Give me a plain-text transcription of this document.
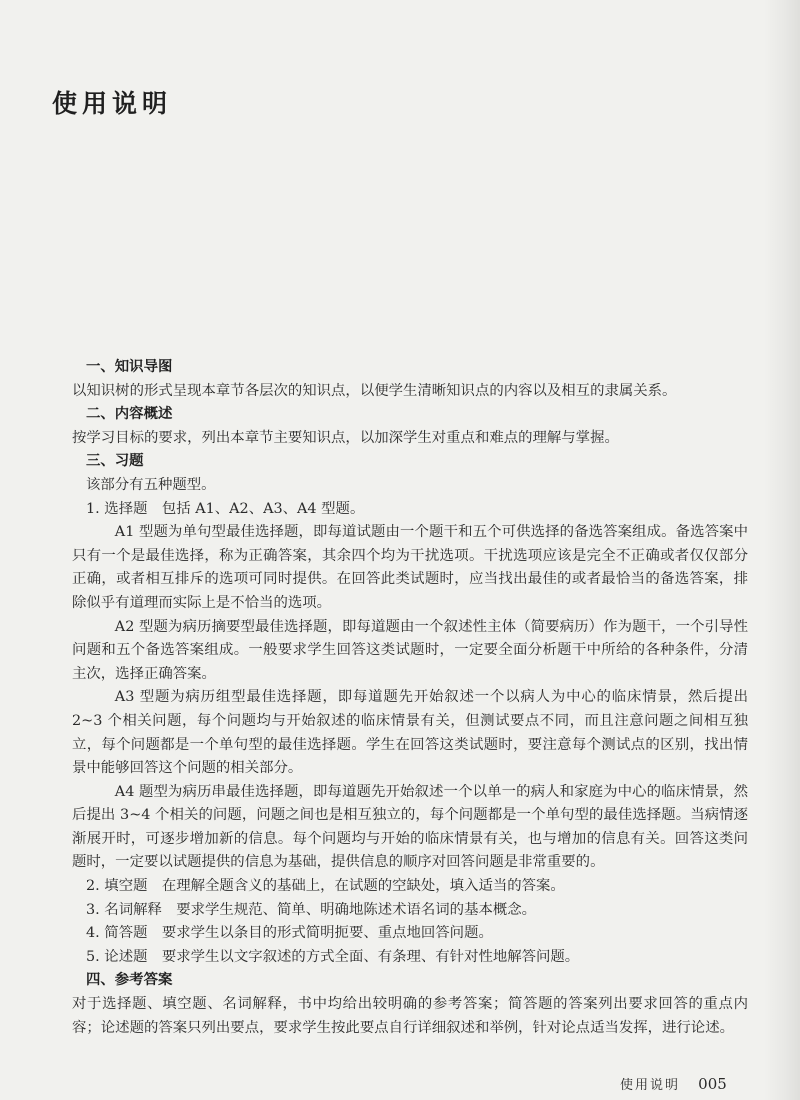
使用说明

一、知识导图

以知识树的形式呈现本章节各层次的知识点，以便学生清晰知识点的内容以及相互的隶属关系。

二、内容概述

按学习目标的要求，列出本章节主要知识点，以加深学生对重点和难点的理解与掌握。

三、习题

该部分有五种题型。

1. 选择题　包括 A1、A2、A3、A4 型题。

A1 型题为单句型最佳选择题，即每道试题由一个题干和五个可供选择的备选答案组成。备选答案中只有一个是最佳选择，称为正确答案，其余四个均为干扰选项。干扰选项应该是完全不正确或者仅仅部分正确，或者相互排斥的选项可同时提供。在回答此类试题时，应当找出最佳的或者最恰当的备选答案，排除似乎有道理而实际上是不恰当的选项。

A2 型题为病历摘要型最佳选择题，即每道题由一个叙述性主体（简要病历）作为题干，一个引导性问题和五个备选答案组成。一般要求学生回答这类试题时，一定要全面分析题干中所给的各种条件，分清主次，选择正确答案。

A3 型题为病历组型最佳选择题，即每道题先开始叙述一个以病人为中心的临床情景，然后提出 2~3 个相关问题，每个问题均与开始叙述的临床情景有关，但测试要点不同，而且注意问题之间相互独立，每个问题都是一个单句型的最佳选择题。学生在回答这类试题时，要注意每个测试点的区别，找出情景中能够回答这个问题的相关部分。

A4 题型为病历串最佳选择题，即每道题先开始叙述一个以单一的病人和家庭为中心的临床情景，然后提出 3~4 个相关的问题，问题之间也是相互独立的，每个问题都是一个单句型的最佳选择题。当病情逐渐展开时，可逐步增加新的信息。每个问题均与开始的临床情景有关，也与增加的信息有关。回答这类问题时，一定要以试题提供的信息为基础，提供信息的顺序对回答问题是非常重要的。

2. 填空题　在理解全题含义的基础上，在试题的空缺处，填入适当的答案。

3. 名词解释　要求学生规范、简单、明确地陈述术语名词的基本概念。

4. 简答题　要求学生以条目的形式简明扼要、重点地回答问题。

5. 论述题　要求学生以文字叙述的方式全面、有条理、有针对性地解答问题。

四、参考答案

对于选择题、填空题、名词解释，书中均给出较明确的参考答案；简答题的答案列出要求回答的重点内容；论述题的答案只列出要点，要求学生按此要点自行详细叙述和举例，针对论点适当发挥，进行论述。

使用说明 005
